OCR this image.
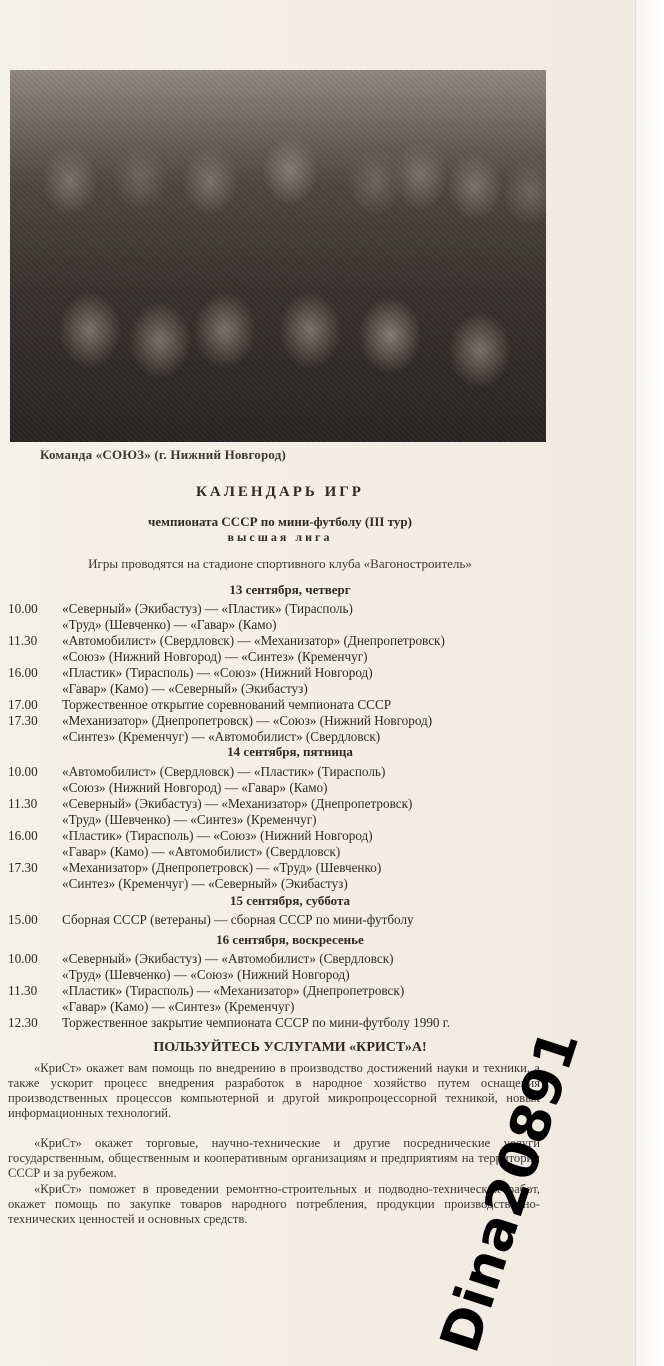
Команда «СОЮЗ» (г. Нижний Новгород)
КАЛЕНДАРЬ ИГР
чемпионата СССР по мини-футболу (III тур)
высшая лига
Игры проводятся на стадионе спортивного клуба «Вагоностроитель»
13 сентября, четверг
10.00 «Северный» (Экибастуз) — «Пластик» (Тирасполь)
«Труд» (Шевченко) — «Гавар» (Камо)
11.30 «Автомобилист» (Свердловск) — «Механизатор» (Днепропетровск)
«Союз» (Нижний Новгород) — «Синтез» (Кременчуг)
16.00 «Пластик» (Тирасполь) — «Союз» (Нижний Новгород)
«Гавар» (Камо) — «Северный» (Экибастуз)
17.00 Торжественное открытие соревнований чемпионата СССР
17.30 «Механизатор» (Днепропетровск) — «Союз» (Нижний Новгород)
«Синтез» (Кременчуг) — «Автомобилист» (Свердловск)
14 сентября, пятница
10.00 «Автомобилист» (Свердловск) — «Пластик» (Тирасполь)
«Союз» (Нижний Новгород) — «Гавар» (Камо)
11.30 «Северный» (Экибастуз) — «Механизатор» (Днепропетровск)
«Труд» (Шевченко) — «Синтез» (Кременчуг)
16.00 «Пластик» (Тирасполь) — «Союз» (Нижний Новгород)
«Гавар» (Камо) — «Автомобилист» (Свердловск)
17.30 «Механизатор» (Днепропетровск) — «Труд» (Шевченко)
«Синтез» (Кременчуг) — «Северный» (Экибастуз)
15 сентября, суббота
15.00 Сборная СССР (ветераны) — сборная СССР по мини-футболу
16 сентября, воскресенье
10.00 «Северный» (Экибастуз) — «Автомобилист» (Свердловск)
«Труд» (Шевченко) — «Союз» (Нижний Новгород)
11.30 «Пластик» (Тирасполь) — «Механизатор» (Днепропетровск)
«Гавар» (Камо) — «Синтез» (Кременчуг)
12.30 Торжественное закрытие чемпионата СССР по мини-футболу 1990 г.
ПОЛЬЗУЙТЕСЬ УСЛУГАМИ «КРИСТ»А!
«КриСт» окажет вам помощь по внедрению в производство достижений науки и техники, а также ускорит процесс внедрения разработок в народное хозяйство путем оснащения производственных процессов компьютерной и другой микропроцессорной техникой, новых информационных технологий.
«КриСт» окажет торговые, научно-технические и другие посреднические услуги государственным, общественным и кооперативным организациям и предприятиям на территории СССР и за рубежом.
«КриСт» поможет в проведении ремонтно-строительных и подводно-технических работ, окажет помощь по закупке товаров народного потребления, продукции производственно-технических ценностей и основных средств.	Dina20891
